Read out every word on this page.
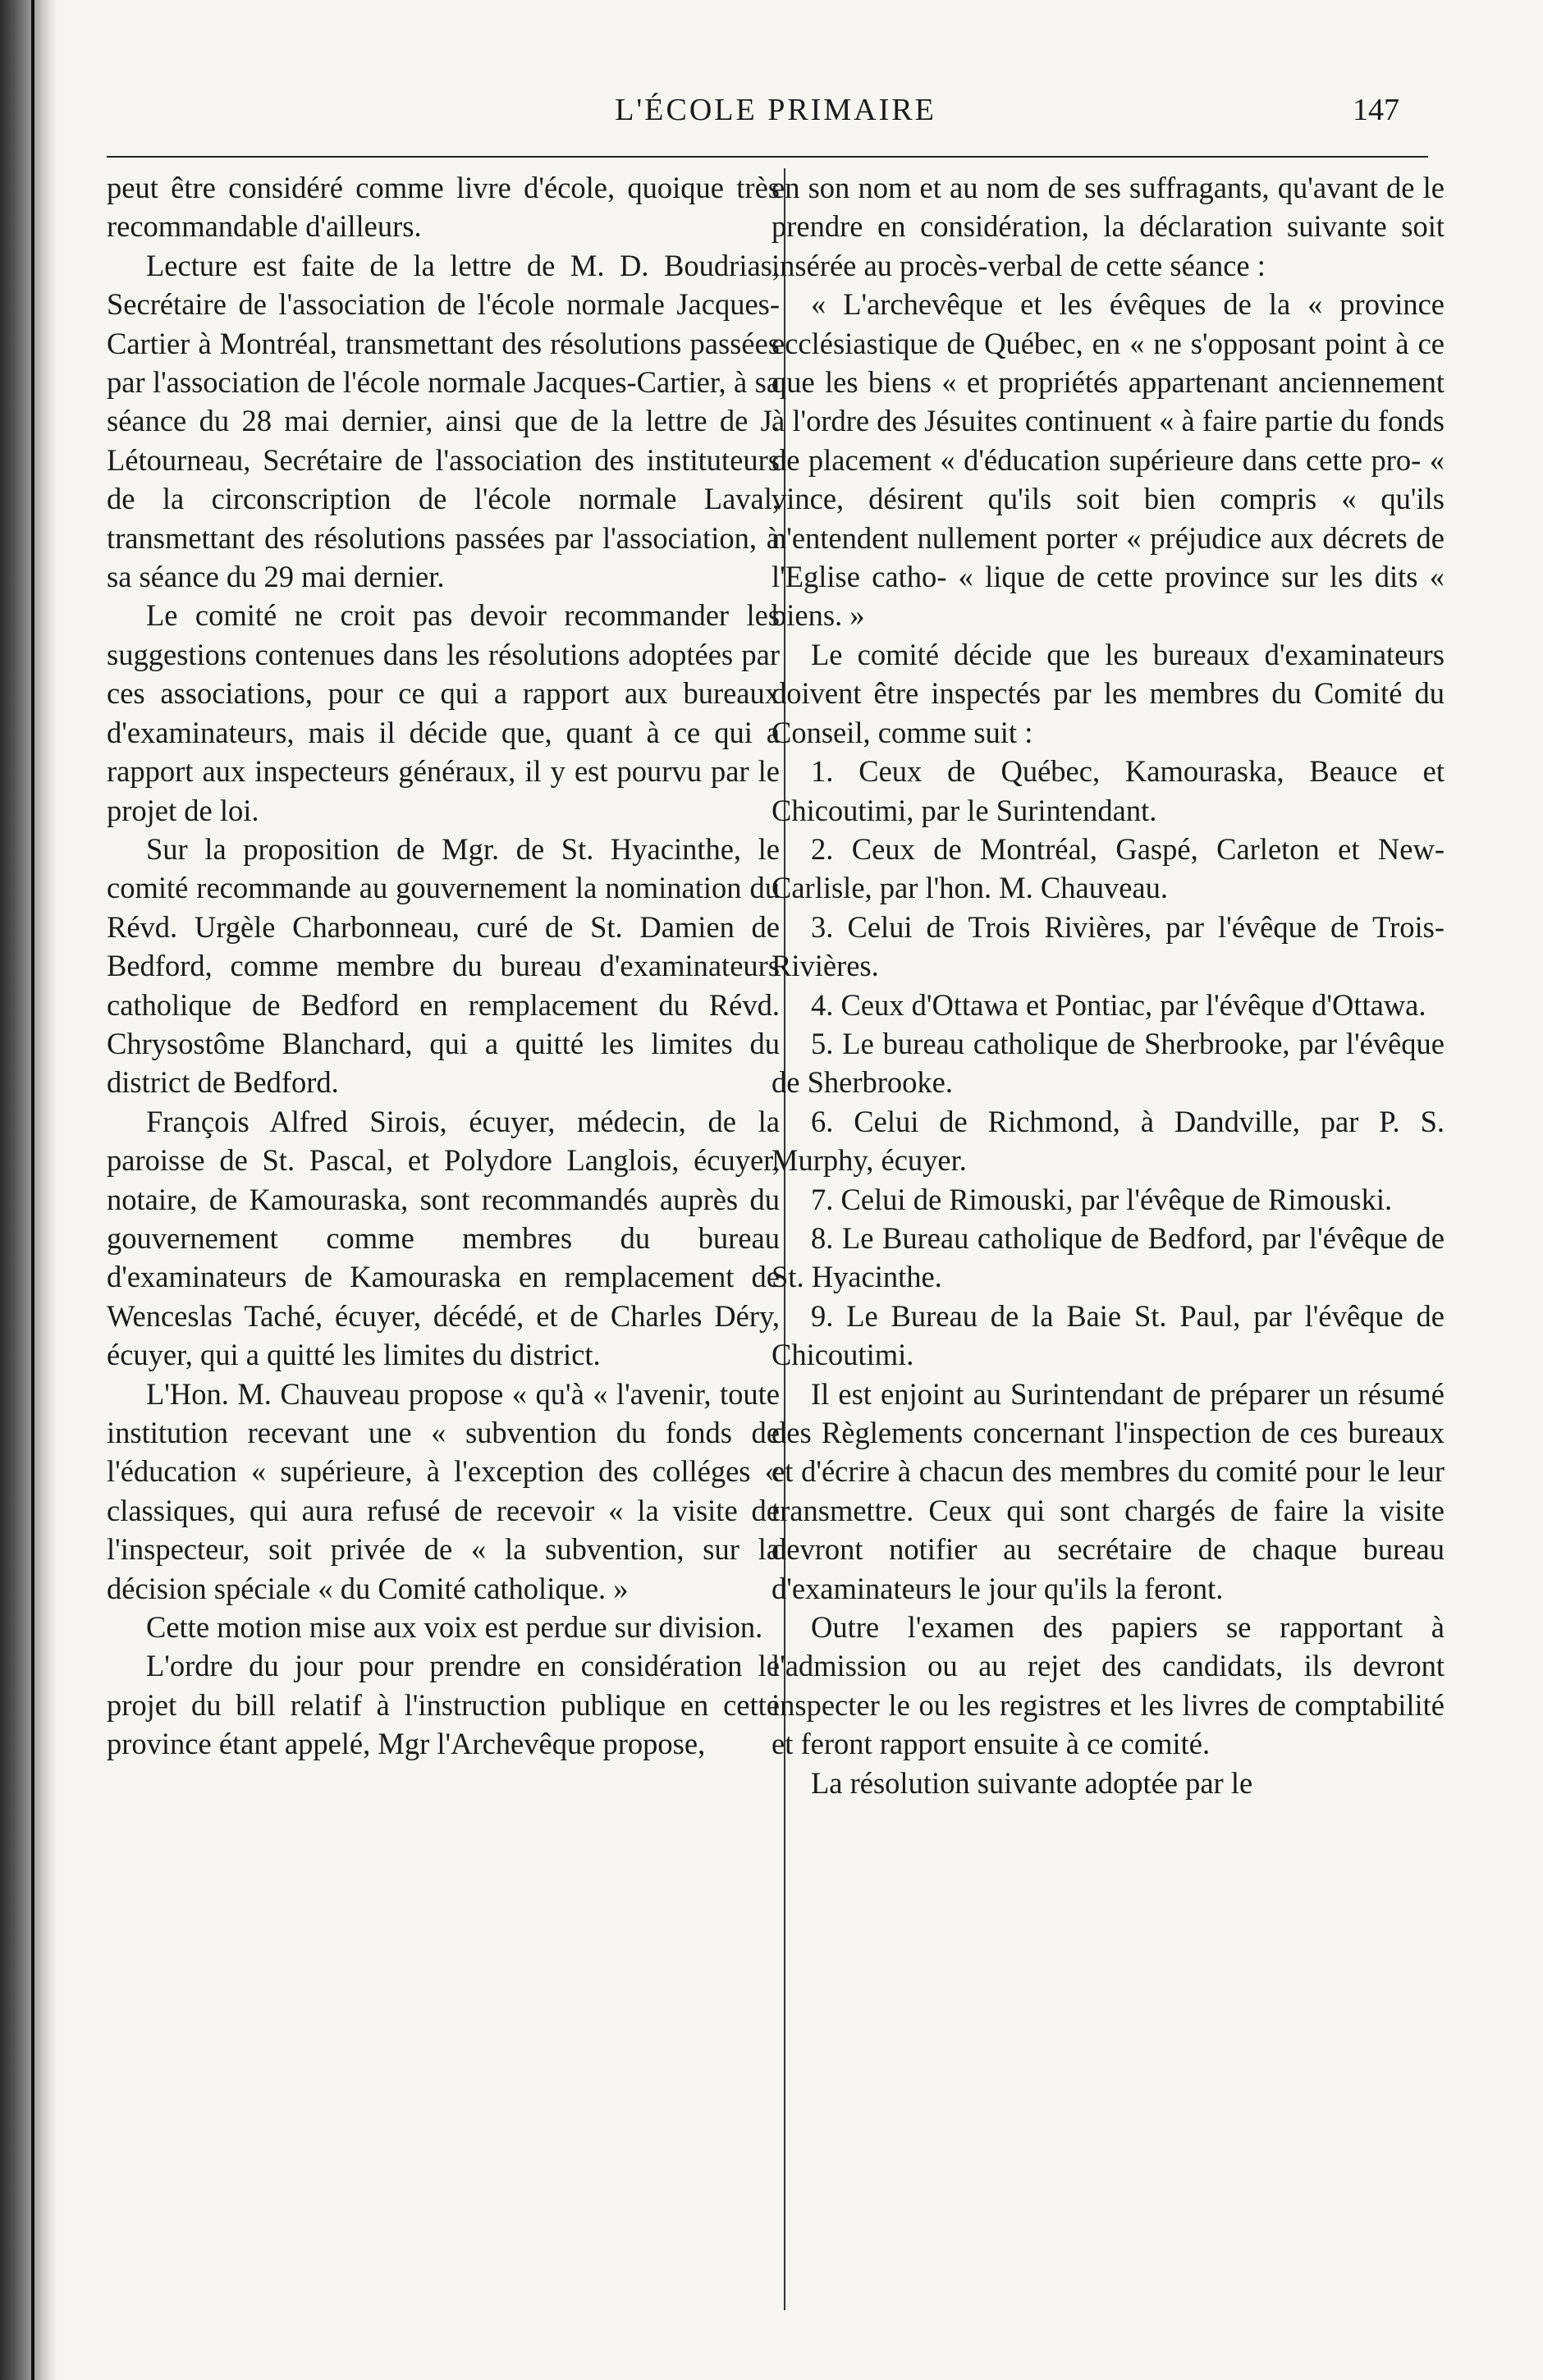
L'ÉCOLE PRIMAIRE	147

peut être considéré comme livre d'école, quoique très recommandable d'ailleurs.

Lecture est faite de la lettre de M. D. Boudrias, Secrétaire de l'association de l'école normale Jacques-Cartier à Montréal, transmettant des résolutions passées par l'association de l'école normale Jacques-Cartier, à sa séance du 28 mai dernier, ainsi que de la lettre de J. Létourneau, Secrétaire de l'association des instituteurs de la circonscription de l'école normale Laval, transmettant des résolutions passées par l'association, à sa séance du 29 mai dernier.

Le comité ne croit pas devoir recommander les suggestions contenues dans les résolutions adoptées par ces associations, pour ce qui a rapport aux bureaux d'examinateurs, mais il décide que, quant à ce qui a rapport aux inspecteurs généraux, il y est pourvu par le projet de loi.

Sur la proposition de Mgr. de St. Hyacinthe, le comité recommande au gouvernement la nomination du Révd. Urgèle Charbonneau, curé de St. Damien de Bedford, comme membre du bureau d'examinateurs catholique de Bedford en remplacement du Révd. Chrysostôme Blanchard, qui a quitté les limites du district de Bedford.

François Alfred Sirois, écuyer, médecin, de la paroisse de St. Pascal, et Polydore Langlois, écuyer, notaire, de Kamouraska, sont recommandés auprès du gouvernement comme membres du bureau d'examinateurs de Kamouraska en remplacement de Wenceslas Taché, écuyer, décédé, et de Charles Déry, écuyer, qui a quitté les limites du district.

L'Hon. M. Chauveau propose « qu'à « l'avenir, toute institution recevant une « subvention du fonds de l'éducation « supérieure, à l'exception des colléges « classiques, qui aura refusé de recevoir « la visite de l'inspecteur, soit privée de « la subvention, sur la décision spéciale « du Comité catholique. »

Cette motion mise aux voix est perdue sur division.

L'ordre du jour pour prendre en considération le projet du bill relatif à l'instruction publique en cette province étant appelé, Mgr l'Archevêque propose,

en son nom et au nom de ses suffragants, qu'avant de le prendre en considération, la déclaration suivante soit insérée au procès-verbal de cette séance :

« L'archevêque et les évêques de la « province ecclésiastique de Québec, en « ne s'opposant point à ce que les biens « et propriétés appartenant anciennement à l'ordre des Jésuites continuent « à faire partie du fonds de placement « d'éducation supérieure dans cette pro- « vince, désirent qu'ils soit bien compris « qu'ils n'entendent nullement porter « préjudice aux décrets de l'Eglise catho- « lique de cette province sur les dits « biens. »

Le comité décide que les bureaux d'examinateurs doivent être inspectés par les membres du Comité du Conseil, comme suit :

1. Ceux de Québec, Kamouraska, Beauce et Chicoutimi, par le Surintendant.

2. Ceux de Montréal, Gaspé, Carleton et New-Carlisle, par l'hon. M. Chauveau.

3. Celui de Trois Rivières, par l'évêque de Trois-Rivières.

4. Ceux d'Ottawa et Pontiac, par l'évêque d'Ottawa.

5. Le bureau catholique de Sherbrooke, par l'évêque de Sherbrooke.

6. Celui de Richmond, à Dandville, par P. S. Murphy, écuyer.

7. Celui de Rimouski, par l'évêque de Rimouski.

8. Le Bureau catholique de Bedford, par l'évêque de St. Hyacinthe.

9. Le Bureau de la Baie St. Paul, par l'évêque de Chicoutimi.

Il est enjoint au Surintendant de préparer un résumé des Règlements concernant l'inspection de ces bureaux et d'écrire à chacun des membres du comité pour le leur transmettre. Ceux qui sont chargés de faire la visite devront notifier au secrétaire de chaque bureau d'examinateurs le jour qu'ils la feront.

Outre l'examen des papiers se rapportant à l'admission ou au rejet des candidats, ils devront inspecter le ou les registres et les livres de comptabilité et feront rapport ensuite à ce comité.

La résolution suivante adoptée par le
